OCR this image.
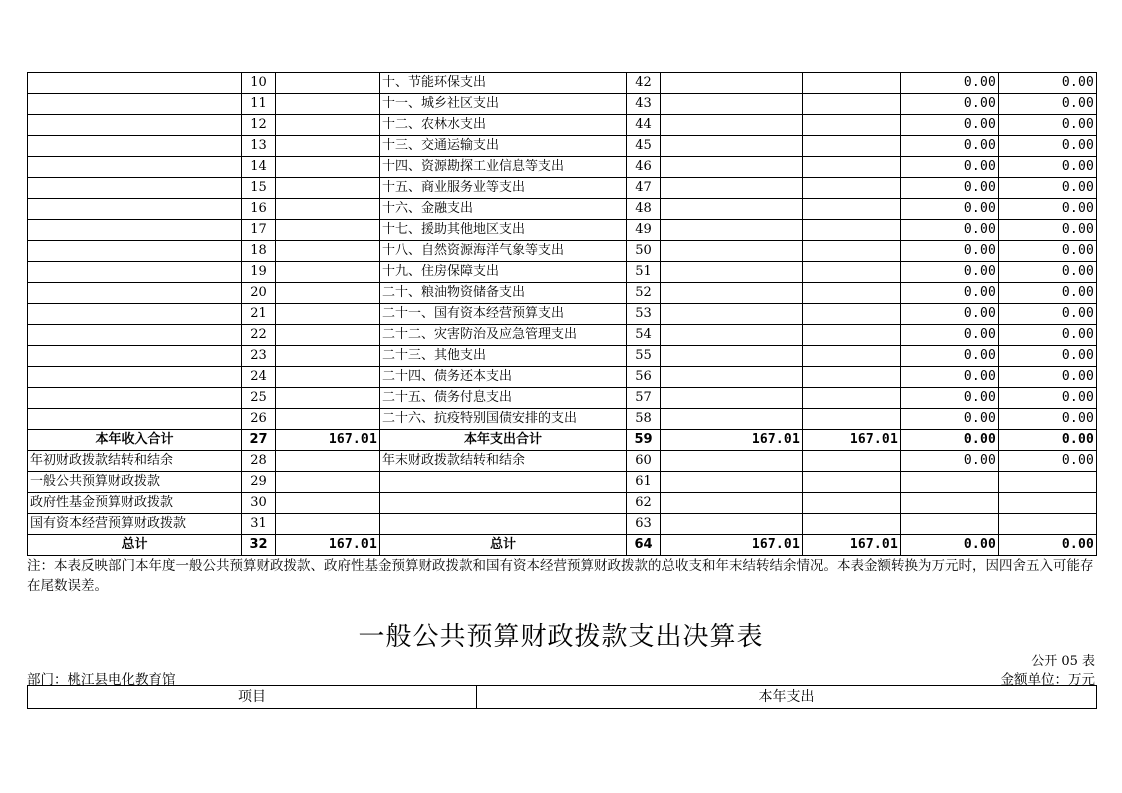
	10		十、节能环保支出	42			0.00	0.00
	11		十一、城乡社区支出	43			0.00	0.00
	12		十二、农林水支出	44			0.00	0.00
	13		十三、交通运输支出	45			0.00	0.00
	14		十四、资源勘探工业信息等支出	46			0.00	0.00
	15		十五、商业服务业等支出	47			0.00	0.00
	16		十六、金融支出	48			0.00	0.00
	17		十七、援助其他地区支出	49			0.00	0.00
	18		十八、自然资源海洋气象等支出	50			0.00	0.00
	19		十九、住房保障支出	51			0.00	0.00
	20		二十、粮油物资储备支出	52			0.00	0.00
	21		二十一、国有资本经营预算支出	53			0.00	0.00
	22		二十二、灾害防治及应急管理支出	54			0.00	0.00
	23		二十三、其他支出	55			0.00	0.00
	24		二十四、债务还本支出	56			0.00	0.00
	25		二十五、债务付息支出	57			0.00	0.00
	26		二十六、抗疫特别国债安排的支出	58			0.00	0.00
本年收入合计	27	167.01	本年支出合计	59	167.01	167.01	0.00	0.00
年初财政拨款结转和结余	28		年末财政拨款结转和结余	60			0.00	0.00
一般公共预算财政拨款	29			61				
政府性基金预算财政拨款	30			62				
国有资本经营预算财政拨款	31			63				
总计	32	167.01	总计	64	167.01	167.01	0.00	0.00
注：本表反映部门本年度一般公共预算财政拨款、政府性基金预算财政拨款和国有资本经营预算财政拨款的总收支和年末结转结余情况。本表金额转换为万元时，因四舍五入可能存在尾数误差。
一般公共预算财政拨款支出决算表
公开 05 表
部门：桃江县电化教育馆	金额单位：万元
项目	本年支出
